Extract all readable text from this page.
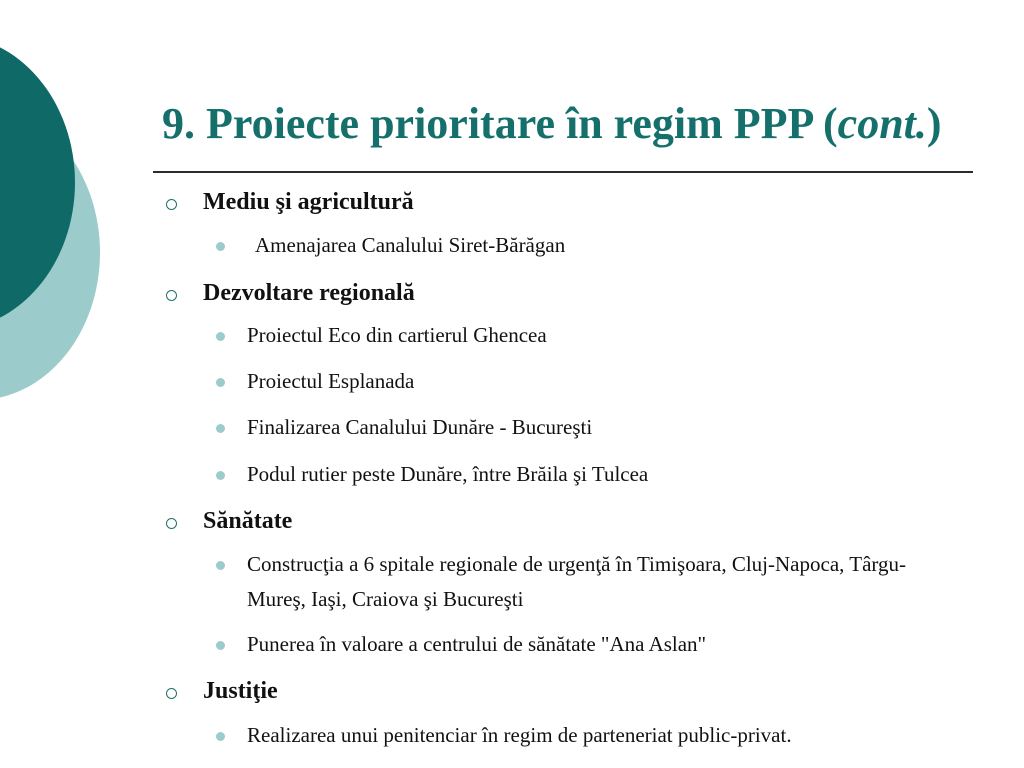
9. Proiecte prioritare în regim PPP (cont.)
Mediu şi agricultură
Amenajarea Canalului Siret-Bărăgan
Dezvoltare regională
Proiectul Eco din cartierul Ghencea
Proiectul Esplanada
Finalizarea Canalului Dunăre - Bucureşti
Podul rutier peste Dunăre, între Brăila şi Tulcea
Sănătate
Construcţia a 6 spitale regionale de urgenţă în Timişoara, Cluj-Napoca, Târgu-Mureş, Iaşi, Craiova şi Bucureşti
Punerea în valoare a centrului de sănătate "Ana Aslan"
Justiţie
Realizarea unui penitenciar în regim de parteneriat public-privat.
